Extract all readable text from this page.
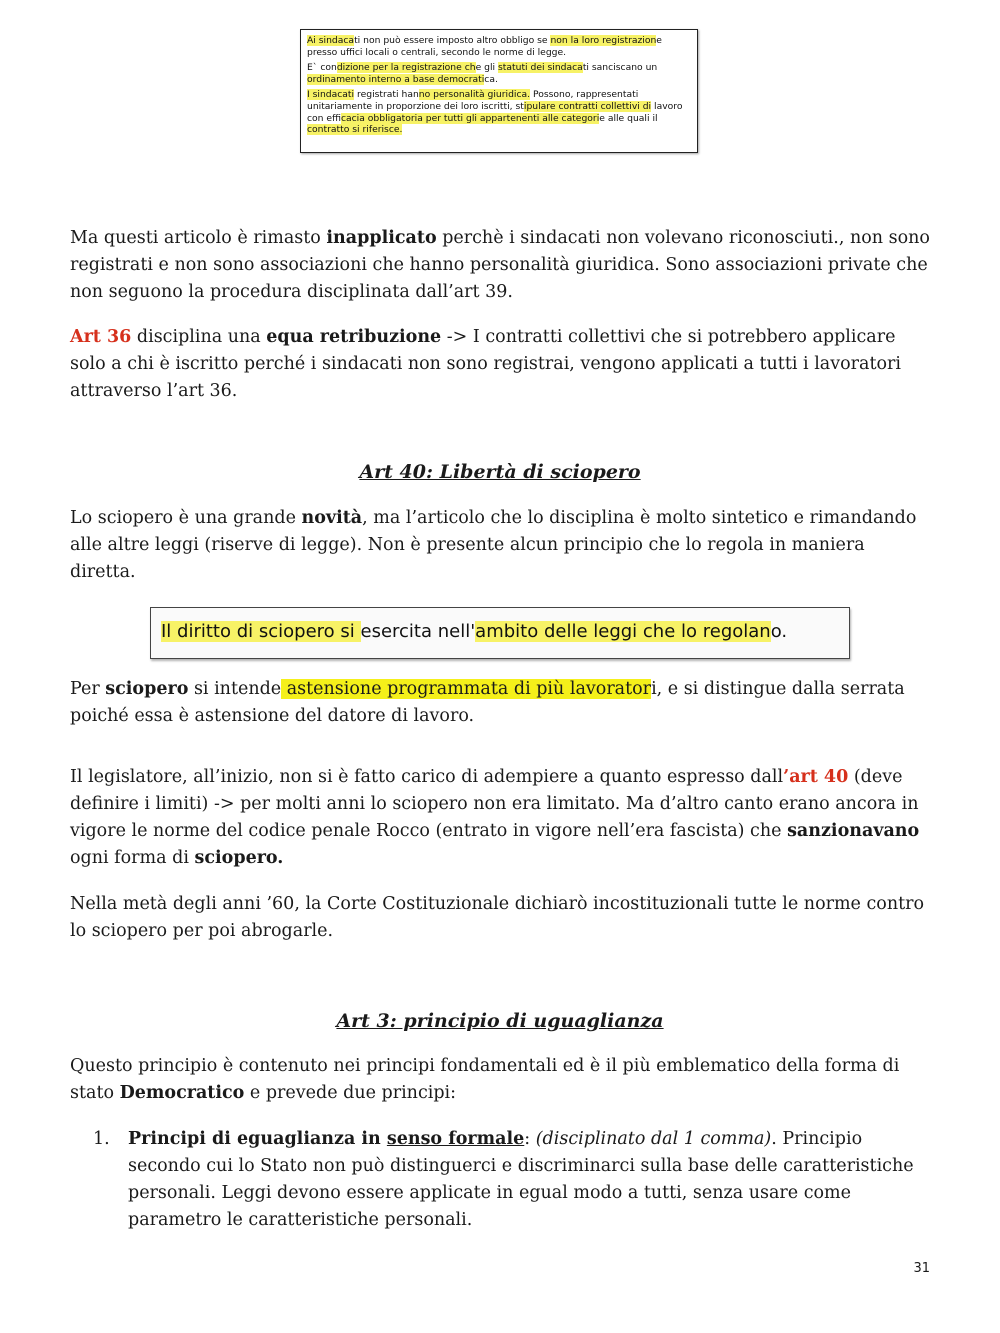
Ai sindacati non può essere imposto altro obbligo se non la loro registrazione presso uffici locali o centrali, secondo le norme di legge.

E` condizione per la registrazione che gli statuti dei sindacati sanciscano un ordinamento interno a base democratica.

I sindacati registrati hanno personalità giuridica. Possono, rappresentati unitariamente in proporzione dei loro iscritti, stipulare contratti collettivi di lavoro con efficacia obbligatoria per tutti gli appartenenti alle categorie alle quali il contratto si riferisce.

Ma questi articolo è rimasto inapplicato perchè i sindacati non volevano riconosciuti., non sono registrati e non sono associazioni che hanno personalità giuridica. Sono associazioni private che non seguono la procedura disciplinata dall’art 39.

Art 36 disciplina una equa retribuzione -> I contratti collettivi che si potrebbero applicare solo a chi è iscritto perché i sindacati non sono registrai, vengono applicati a tutti i lavoratori attraverso l’art 36.

Art 40: Libertà di sciopero

Lo sciopero è una grande novità, ma l’articolo che lo disciplina è molto sintetico e rimandando alle altre leggi (riserve di legge). Non è presente alcun principio che lo regola in maniera diretta.

Il diritto di sciopero si esercita nell'ambito delle leggi che lo regolano.

Per sciopero si intende astensione programmata di più lavoratori, e si distingue dalla serrata poiché essa è astensione del datore di lavoro.

Il legislatore, all’inizio, non si è fatto carico di adempiere a quanto espresso dall’art 40 (deve definire i limiti) -> per molti anni lo sciopero non era limitato. Ma d’altro canto erano ancora in vigore le norme del codice penale Rocco (entrato in vigore nell’era fascista) che sanzionavano ogni forma di sciopero.

Nella metà degli anni ’60, la Corte Costituzionale dichiarò incostituzionali tutte le norme contro lo sciopero per poi abrogarle.

Art 3: principio di uguaglianza

Questo principio è contenuto nei principi fondamentali ed è il più emblematico della forma di stato Democratico e prevede due principi:

1.	Principi di eguaglianza in senso formale: (disciplinato dal 1 comma). Principio secondo cui lo Stato non può distinguerci e discriminarci sulla base delle caratteristiche personali. Leggi devono essere applicate in egual modo a tutti, senza usare come parametro le caratteristiche personali.
31
